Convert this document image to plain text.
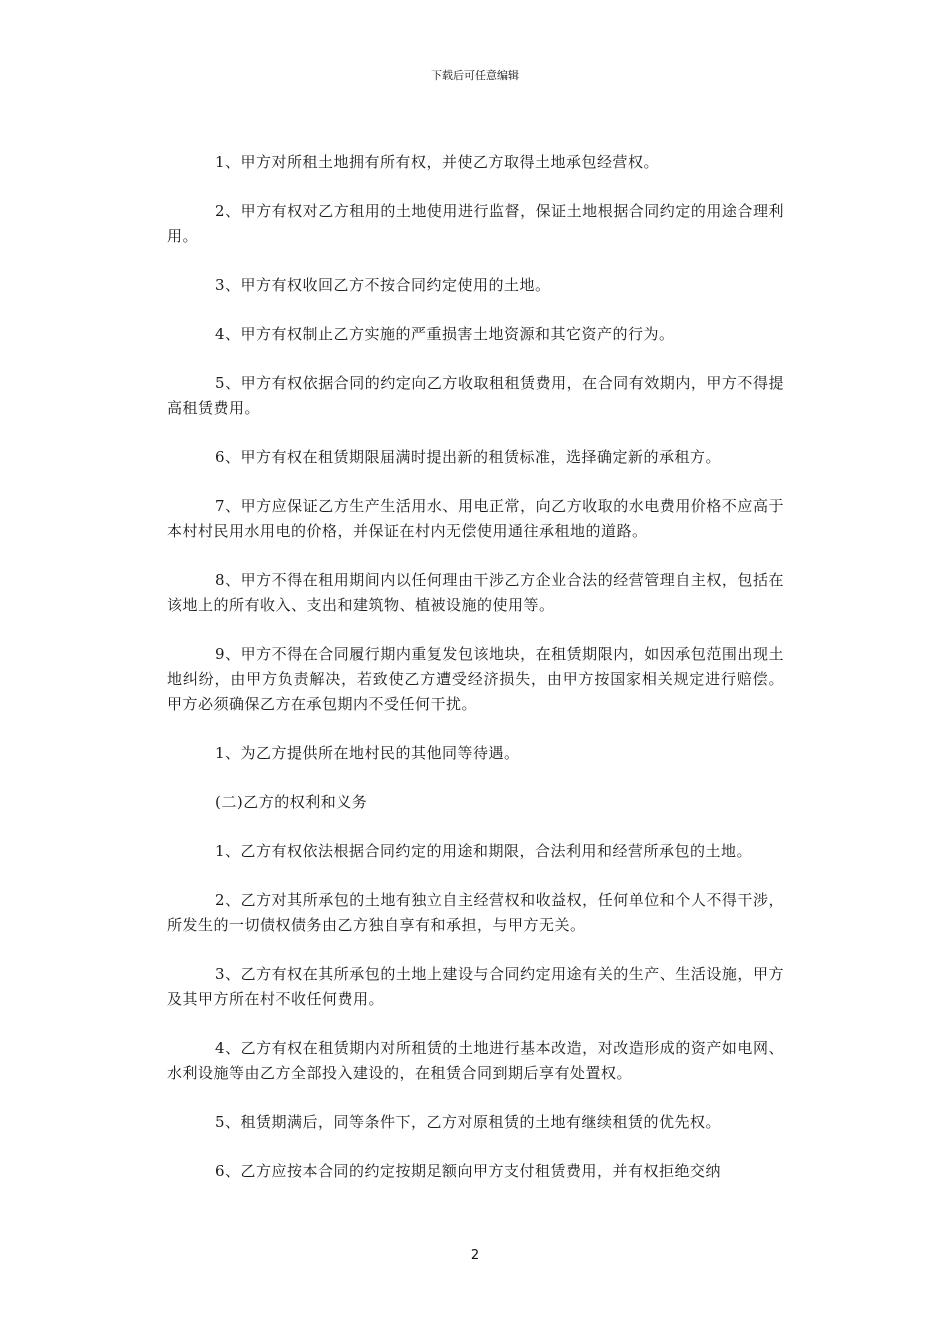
下载后可任意编辑

1、甲方对所租土地拥有所有权，并使乙方取得土地承包经营权。

2、甲方有权对乙方租用的土地使用进行监督，保证土地根据合同约定的用途合理利用。

3、甲方有权收回乙方不按合同约定使用的土地。

4、甲方有权制止乙方实施的严重损害土地资源和其它资产的行为。

5、甲方有权依据合同的约定向乙方收取租租赁费用，在合同有效期内，甲方不得提高租赁费用。

6、甲方有权在租赁期限届满时提出新的租赁标准，选择确定新的承租方。

7、甲方应保证乙方生产生活用水、用电正常，向乙方收取的水电费用价格不应高于本村村民用水用电的价格，并保证在村内无偿使用通往承租地的道路。

8、甲方不得在租用期间内以任何理由干涉乙方企业合法的经营管理自主权，包括在该地上的所有收入、支出和建筑物、植被设施的使用等。

9、甲方不得在合同履行期内重复发包该地块，在租赁期限内，如因承包范围出现土地纠纷，由甲方负责解决，若致使乙方遭受经济损失，由甲方按国家相关规定进行赔偿。甲方必须确保乙方在承包期内不受任何干扰。

1、为乙方提供所在地村民的其他同等待遇。

(二)乙方的权利和义务

1、乙方有权依法根据合同约定的用途和期限，合法利用和经营所承包的土地。

2、乙方对其所承包的土地有独立自主经营权和收益权，任何单位和个人不得干涉，所发生的一切债权债务由乙方独自享有和承担，与甲方无关。

3、乙方有权在其所承包的土地上建设与合同约定用途有关的生产、生活设施，甲方及其甲方所在村不收任何费用。

4、乙方有权在租赁期内对所租赁的土地进行基本改造，对改造形成的资产如电网、水利设施等由乙方全部投入建设的，在租赁合同到期后享有处置权。

5、租赁期满后，同等条件下，乙方对原租赁的土地有继续租赁的优先权。

6、乙方应按本合同的约定按期足额向甲方支付租赁费用，并有权拒绝交纳

2
